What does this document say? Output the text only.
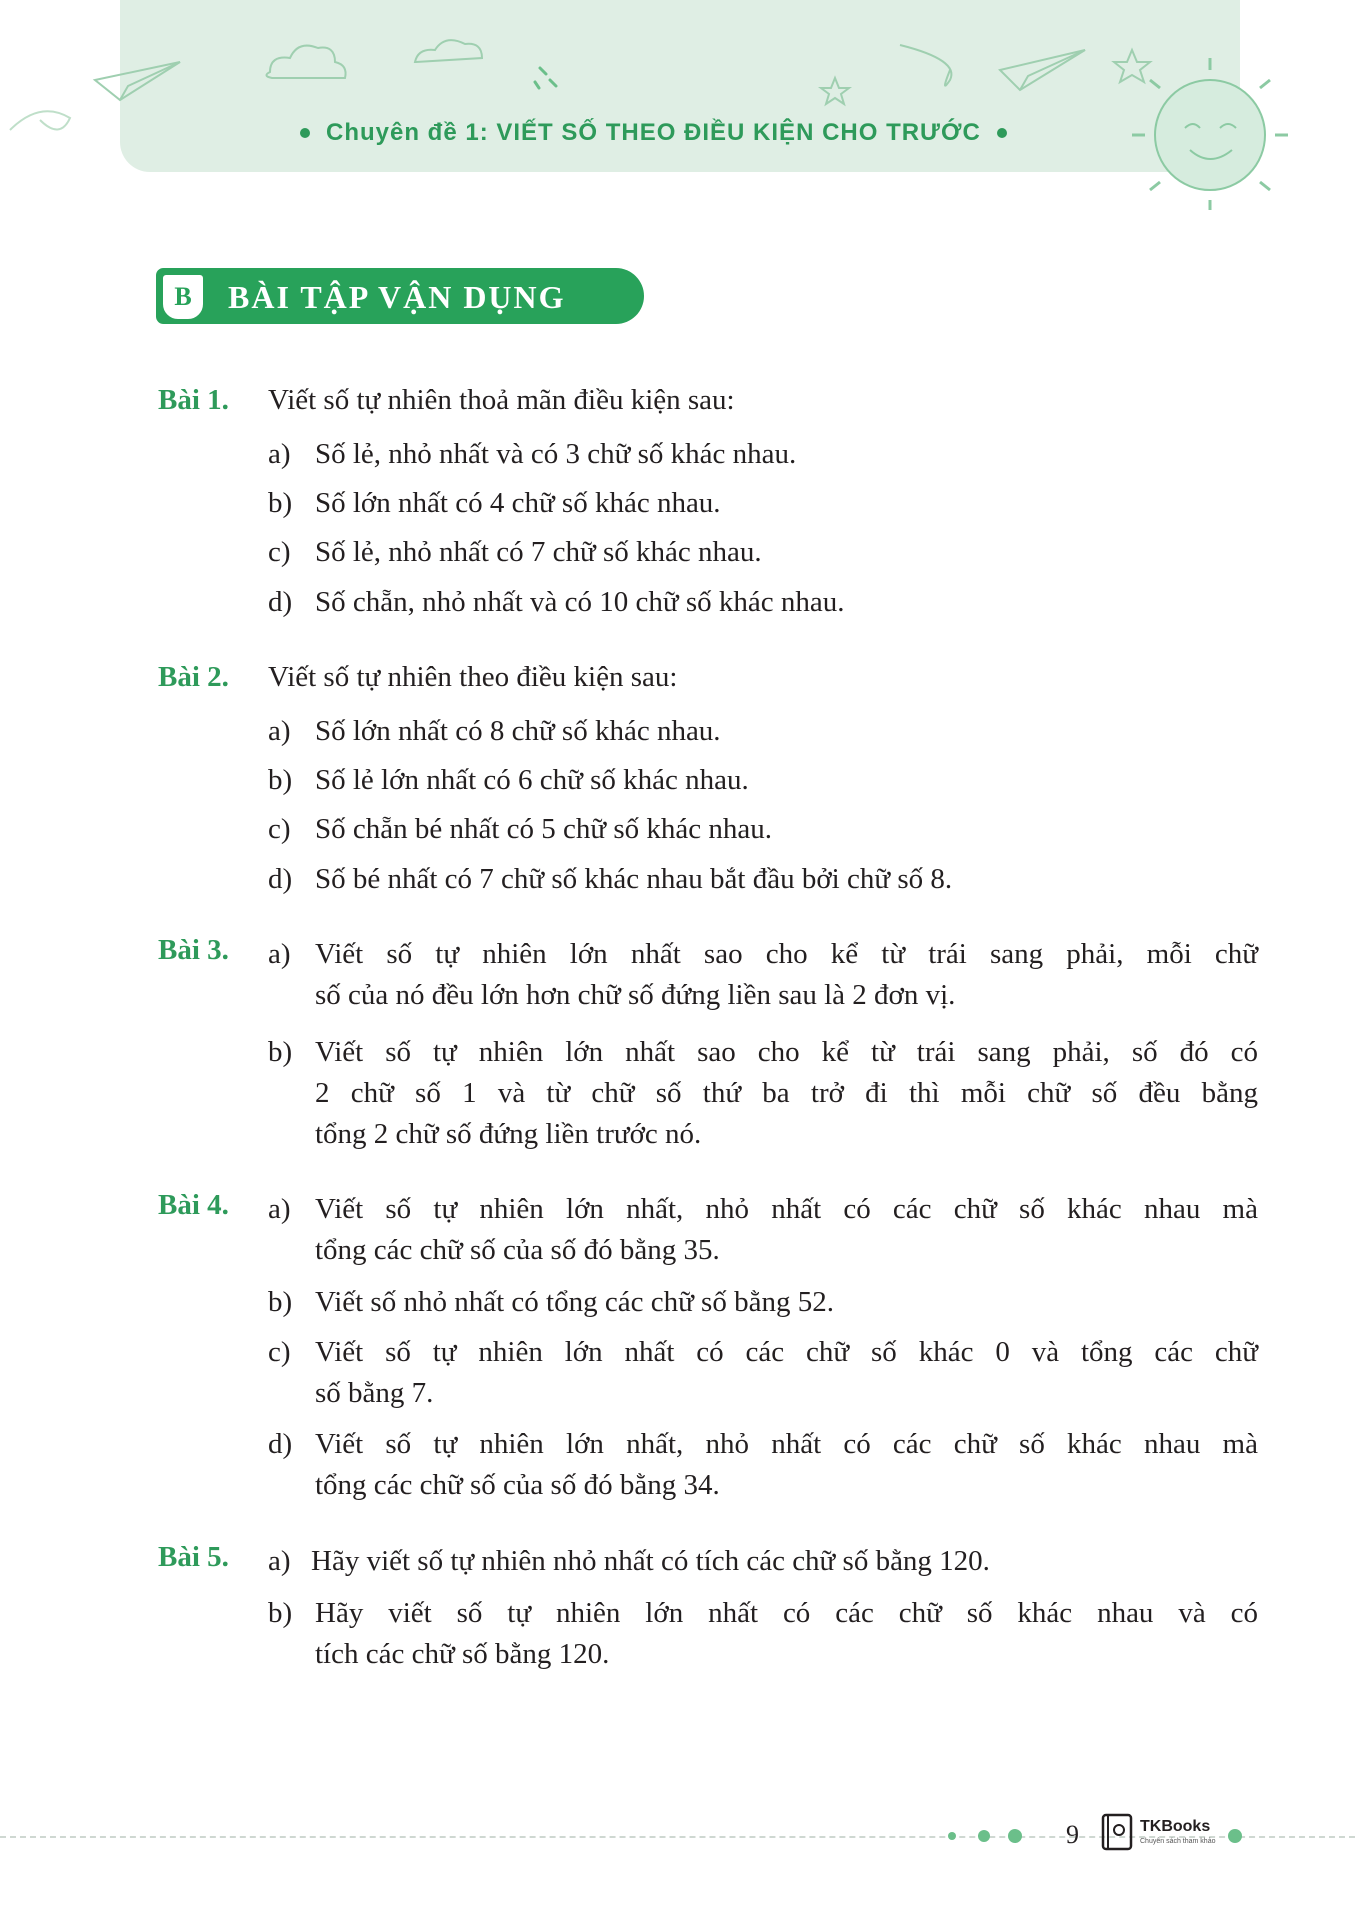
Chuyên đề 1: VIẾT SỐ THEO ĐIỀU KIỆN CHO TRƯỚC
B	BÀI TẬP VẬN DỤNG
Bài 1. Viết số tự nhiên thoả mãn điều kiện sau:
a) Số lẻ, nhỏ nhất và có 3 chữ số khác nhau.
b) Số lớn nhất có 4 chữ số khác nhau.
c) Số lẻ, nhỏ nhất có 7 chữ số khác nhau.
d) Số chẵn, nhỏ nhất và có 10 chữ số khác nhau.
Bài 2. Viết số tự nhiên theo điều kiện sau:
a) Số lớn nhất có 8 chữ số khác nhau.
b) Số lẻ lớn nhất có 6 chữ số khác nhau.
c) Số chẵn bé nhất có 5 chữ số khác nhau.
d) Số bé nhất có 7 chữ số khác nhau bắt đầu bởi chữ số 8.
Bài 3. a) Viết số tự nhiên lớn nhất sao cho kể từ trái sang phải, mỗi chữ
số của nó đều lớn hơn chữ số đứng liền sau là 2 đơn vị.
b) Viết số tự nhiên lớn nhất sao cho kể từ trái sang phải, số đó có
2 chữ số 1 và từ chữ số thứ ba trở đi thì mỗi chữ số đều bằng
tổng 2 chữ số đứng liền trước nó.
Bài 4. a) Viết số tự nhiên lớn nhất, nhỏ nhất có các chữ số khác nhau mà
tổng các chữ số của số đó bằng 35.
b) Viết số nhỏ nhất có tổng các chữ số bằng 52.
c) Viết số tự nhiên lớn nhất có các chữ số khác 0 và tổng các chữ
số bằng 7.
d) Viết số tự nhiên lớn nhất, nhỏ nhất có các chữ số khác nhau mà
tổng các chữ số của số đó bằng 34.
Bài 5. a) Hãy viết số tự nhiên nhỏ nhất có tích các chữ số bằng 120.
b) Hãy viết số tự nhiên lớn nhất có các chữ số khác nhau và có
tích các chữ số bằng 120.
9	TKBooks
Chuyên sách tham khảo
